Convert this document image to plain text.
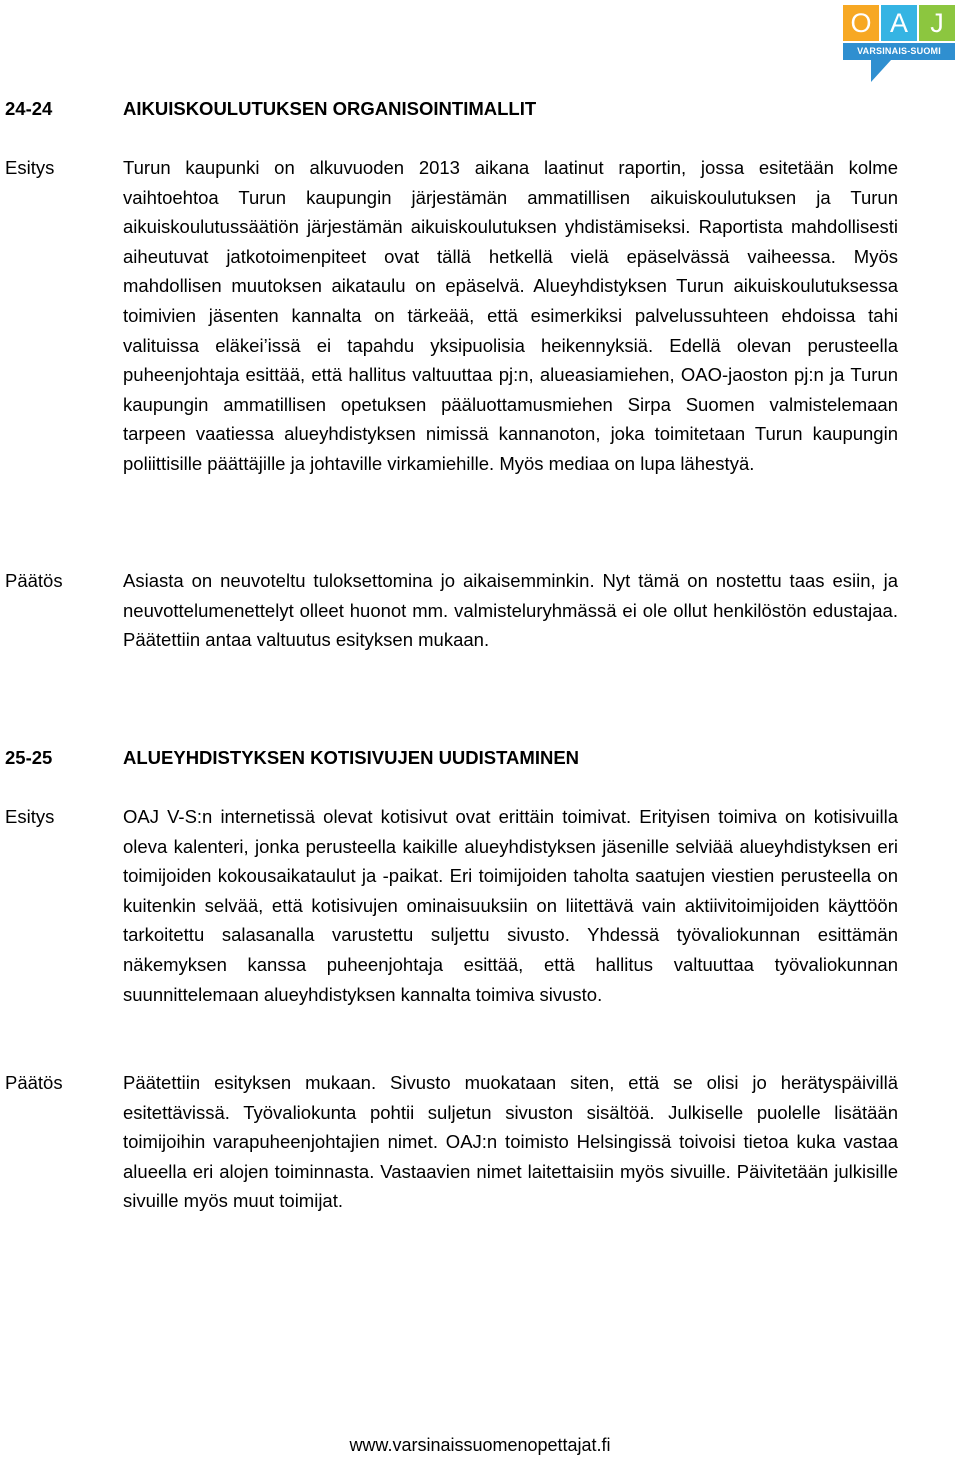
O A J
VARSINAIS-SUOMI
24-24	AIKUISKOULUTUKSEN ORGANISOINTIMALLIT
Esitys	Turun kaupunki on alkuvuoden 2013 aikana laatinut raportin, jossa esitetään kolme vaihtoehtoa Turun kaupungin järjestämän ammatillisen aikuiskoulutuksen ja Turun aikuiskoulutussäätiön järjestämän aikuiskoulutuksen yhdistämiseksi. Raportista mahdollisesti aiheutuvat jatkotoimenpiteet ovat tällä hetkellä vielä epäselvässä vaiheessa. Myös mahdollisen muutoksen aikataulu on epäselvä. Alueyhdistyksen Turun aikuiskoulutuksessa toimivien jäsenten kannalta on tärkeää, että esimerkiksi palvelussuhteen ehdoissa tahi valituissa eläkei’issä ei tapahdu yksipuolisia heikennyksiä. Edellä olevan perusteella puheenjohtaja esittää, että hallitus valtuuttaa pj:n, alueasiamiehen, OAO-jaoston pj:n ja Turun kaupungin ammatillisen opetuksen pääluottamusmiehen Sirpa Suomen valmistelemaan tarpeen vaatiessa alueyhdistyksen nimissä kannanoton, joka toimitetaan Turun kaupungin poliittisille päättäjille ja johtaville virkamiehille. Myös mediaa on lupa lähestyä.
Päätös	Asiasta on neuvoteltu tuloksettomina jo aikaisemminkin. Nyt tämä on nostettu taas esiin, ja neuvottelumenettelyt olleet huonot mm. valmisteluryhmässä ei ole ollut henkilöstön edustajaa. Päätettiin antaa valtuutus esityksen mukaan.
25-25	ALUEYHDISTYKSEN KOTISIVUJEN UUDISTAMINEN
Esitys	OAJ V-S:n internetissä olevat kotisivut ovat erittäin toimivat. Erityisen toimiva on kotisivuilla oleva kalenteri, jonka perusteella kaikille alueyhdistyksen jäsenille selviää alueyhdistyksen eri toimijoiden kokousaikataulut ja -paikat. Eri toimijoiden taholta saatujen viestien perusteella on kuitenkin selvää, että kotisivujen ominaisuuksiin on liitettävä vain aktiivitoimijoiden käyttöön tarkoitettu salasanalla varustettu suljettu sivusto. Yhdessä työvaliokunnan esittämän näkemyksen kanssa puheenjohtaja esittää, että hallitus valtuuttaa työvaliokunnan suunnittelemaan alueyhdistyksen kannalta toimiva sivusto.
Päätös	Päätettiin esityksen mukaan. Sivusto muokataan siten, että se olisi jo herätyspäivillä esitettävissä. Työvaliokunta pohtii suljetun sivuston sisältöä. Julkiselle puolelle lisätään toimijoihin varapuheenjohtajien nimet. OAJ:n toimisto Helsingissä toivoisi tietoa kuka vastaa alueella eri alojen toiminnasta. Vastaavien nimet laitettaisiin myös sivuille. Päivitetään julkisille sivuille myös muut toimijat.
www.varsinaissuomenopettajat.fi
